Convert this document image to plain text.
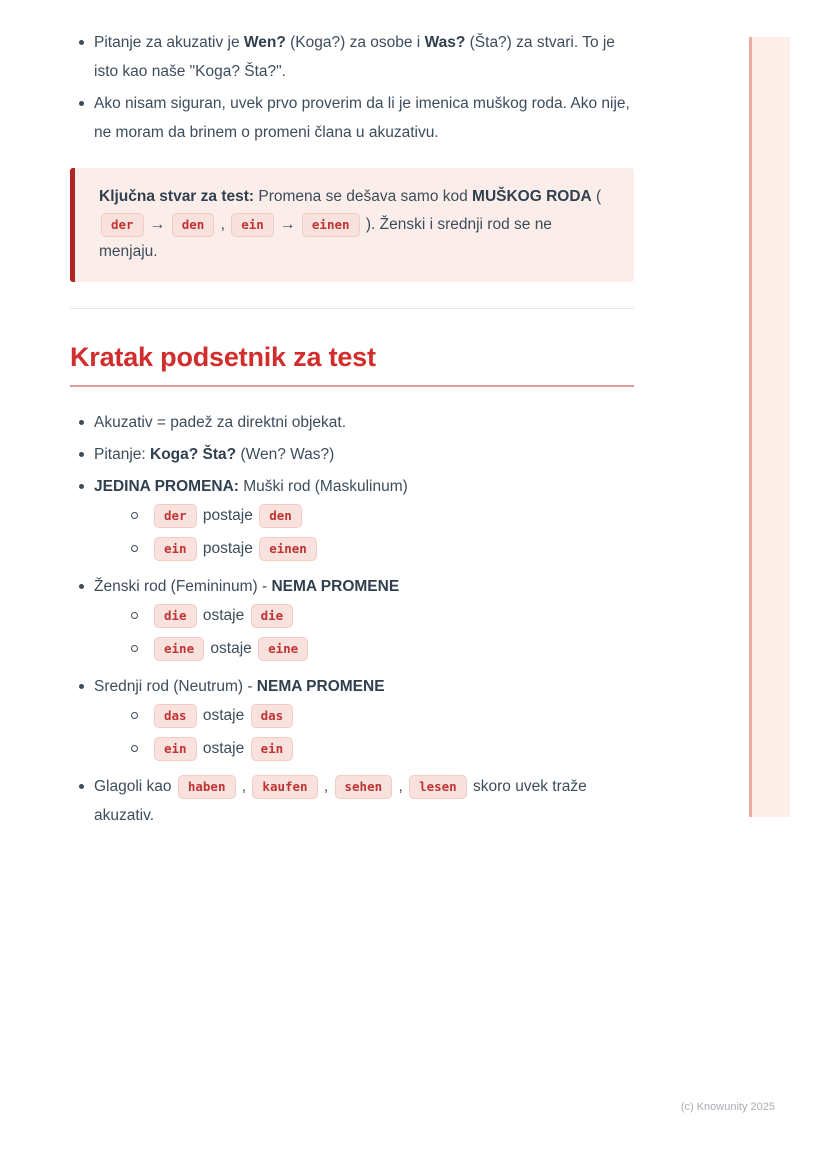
Pitanje za akuzativ je Wen? (Koga?) za osobe i Was? (Šta?) za stvari. To je isto kao naše "Koga? Šta?".
Ako nisam siguran, uvek prvo proverim da li je imenica muškog roda. Ako nije, ne moram da brinem o promeni člana u akuzativu.

Ključna stvar za test: Promena se dešava samo kod MUŠKOG RODA ( der → den , ein → einen ). Ženski i srednji rod se ne menjaju.

Kratak podsetnik za test
Akuzativ = padež za direktni objekat.
Pitanje: Koga? Šta? (Wen? Was?)
JEDINA PROMENA: Muški rod (Maskulinum)
der postaje den
ein postaje einen
Ženski rod (Femininum) - NEMA PROMENE
die ostaje die
eine ostaje eine
Srednji rod (Neutrum) - NEMA PROMENE
das ostaje das
ein ostaje ein
Glagoli kao haben , kaufen , sehen , lesen skoro uvek traže akuzativ.
(c) Knowunity 2025
